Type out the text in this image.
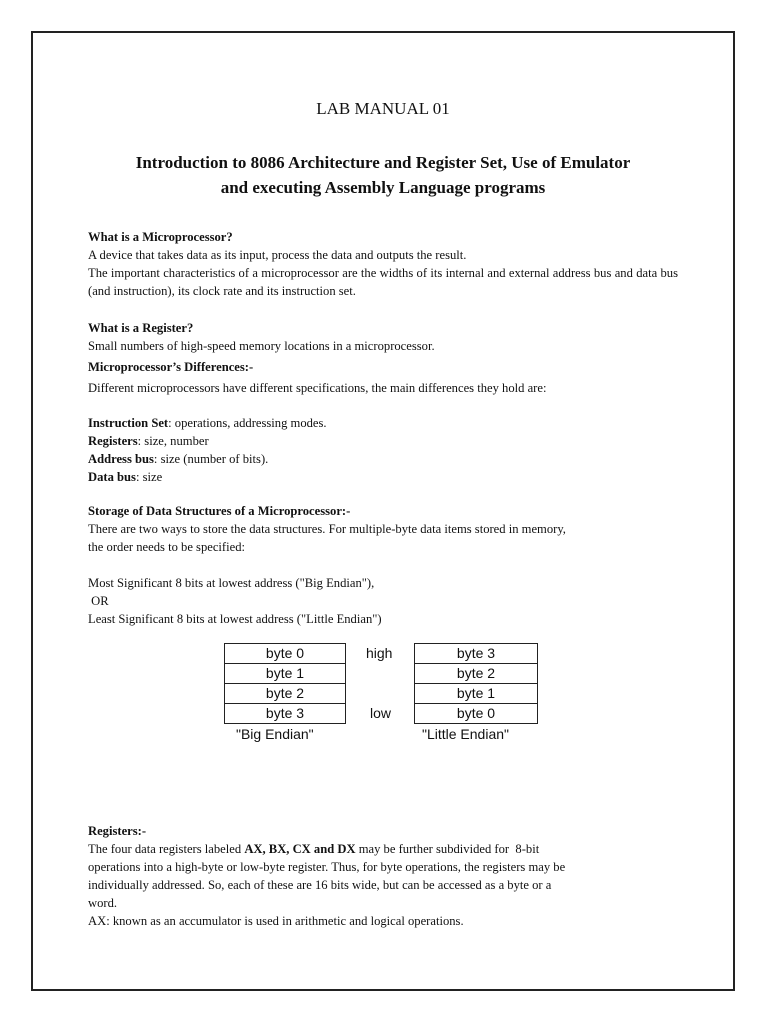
LAB MANUAL 01
Introduction to 8086 Architecture and Register Set, Use of Emulator
and executing Assembly Language programs
What is a Microprocessor?
A device that takes data as its input, process the data and outputs the result.
The important characteristics of a microprocessor are the widths of its internal and external address bus and data bus (and instruction), its clock rate and its instruction set.
What is a Register?
Small numbers of high-speed memory locations in a microprocessor.
Microprocessor’s Differences:-
Different microprocessors have different specifications, the main differences they hold are:
Instruction Set: operations, addressing modes.
Registers: size, number
Address bus: size (number of bits).
Data bus: size
Storage of Data Structures of a Microprocessor:-
There are two ways to store the data structures. For multiple-byte data items stored in memory,
the order needs to be specified:
Most Significant 8 bits at lowest address ("Big Endian"),
OR
Least Significant 8 bits at lowest address ("Little Endian")
Registers:-
The four data registers labeled AX, BX, CX and DX may be further subdivided for  8-bit
operations into a high-byte or low-byte register. Thus, for byte operations, the registers may be
individually addressed. So, each of these are 16 bits wide, but can be accessed as a byte or a
word.
AX: known as an accumulator is used in arithmetic and logical operations.
byte 0
byte 1
byte 2
byte 3
high
low
byte 3
byte 2
byte 1
byte 0
"Big Endian"	"Little Endian"
